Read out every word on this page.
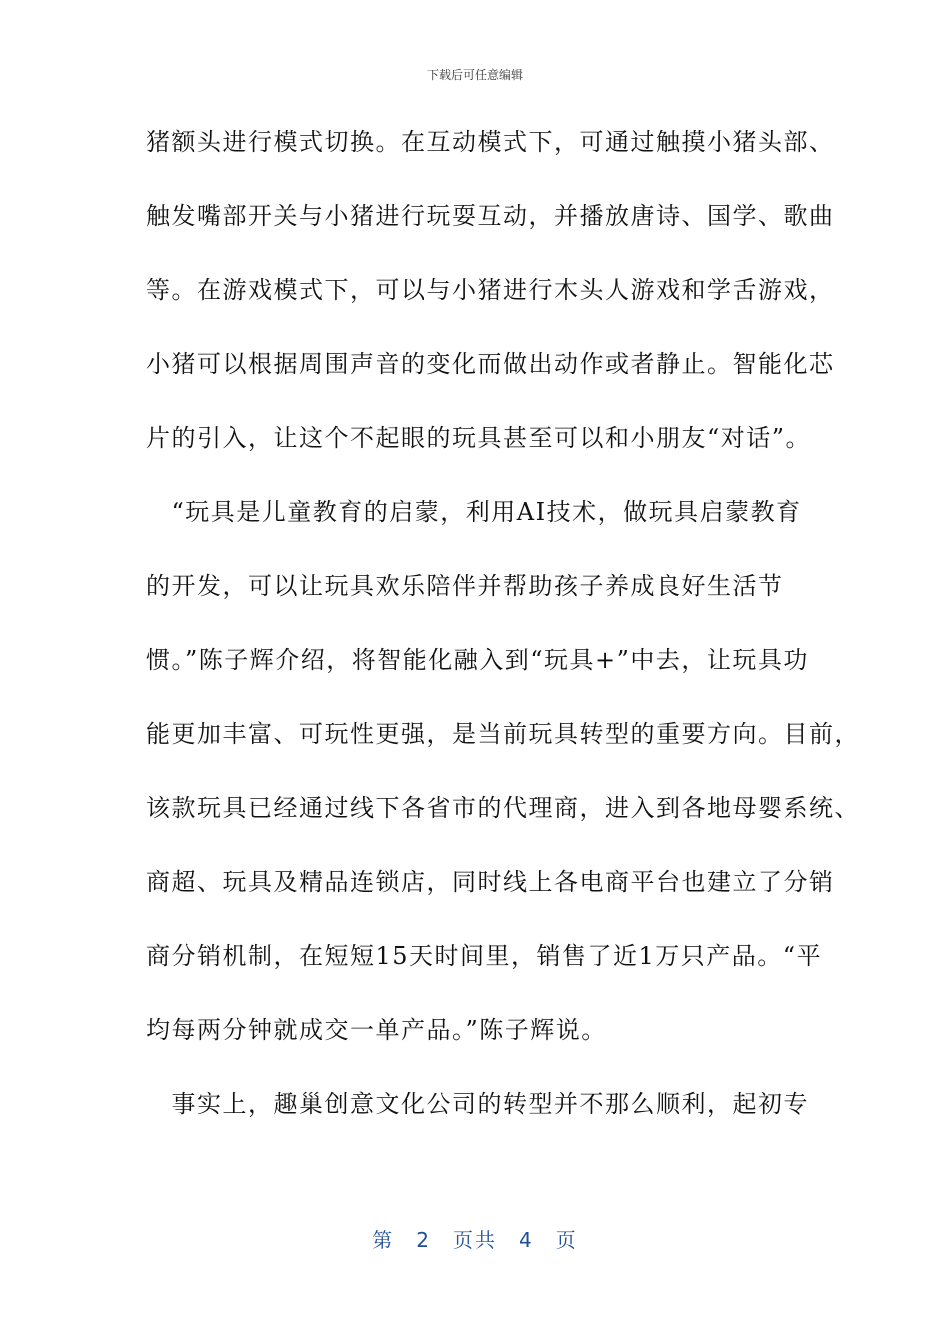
下载后可任意编辑
猪额头进行模式切换。在互动模式下，可通过触摸小猪头部、
触发嘴部开关与小猪进行玩耍互动，并播放唐诗、国学、歌曲
等。在游戏模式下，可以与小猪进行木头人游戏和学舌游戏，
小猪可以根据周围声音的变化而做出动作或者静止。智能化芯
片的引入，让这个不起眼的玩具甚至可以和小朋友“对话”。
　“玩具是儿童教育的启蒙，利用AI技术，做玩具启蒙教育
的开发，可以让玩具欢乐陪伴并帮助孩子养成良好生活节
惯。”陈子辉介绍，将智能化融入到“玩具+”中去，让玩具功
能更加丰富、可玩性更强，是当前玩具转型的重要方向。目前，
该款玩具已经通过线下各省市的代理商，进入到各地母婴系统、
商超、玩具及精品连锁店，同时线上各电商平台也建立了分销
商分销机制，在短短15天时间里，销售了近1万只产品。“平
均每两分钟就成交一单产品。”陈子辉说。
　事实上，趣巢创意文化公司的转型并不那么顺利，起初专
第 2 页共 4 页
